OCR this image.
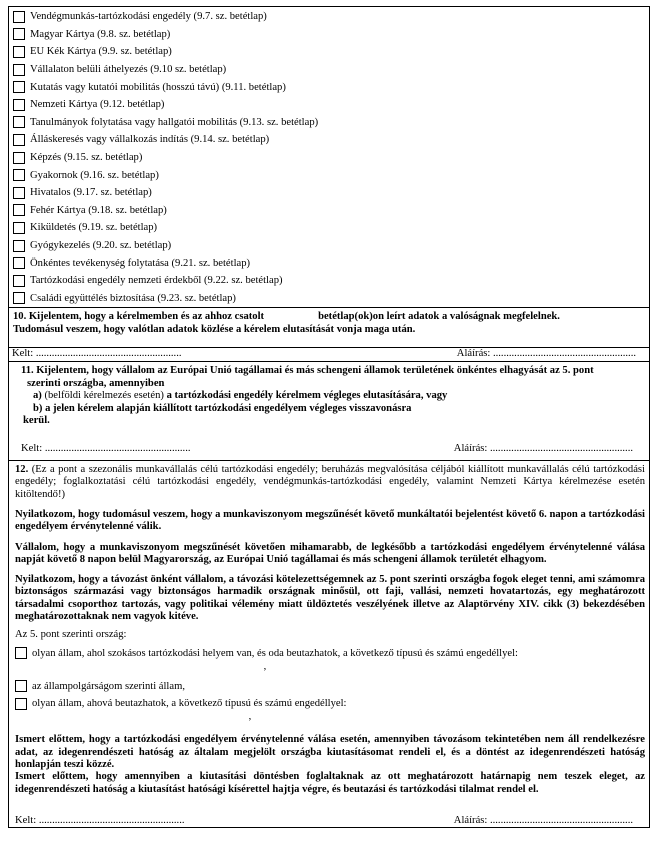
Vendégmunkás-tartózkodási engedély (9.7. sz. betétlap)
Magyar Kártya (9.8. sz. betétlap)
EU Kék Kártya (9.9. sz. betétlap)
Vállalaton belüli áthelyezés (9.10 sz. betétlap)
Kutatás vagy kutatói mobilitás (hosszú távú) (9.11. betétlap)
Nemzeti Kártya (9.12. betétlap)
Tanulmányok folytatása vagy hallgatói mobilitás (9.13. sz. betétlap)
Álláskeresés vagy vállalkozás indítás (9.14. sz. betétlap)
Képzés (9.15. sz. betétlap)
Gyakornok (9.16. sz. betétlap)
Hivatalos (9.17. sz. betétlap)
Fehér Kártya (9.18. sz. betétlap)
Kiküldetés (9.19. sz. betétlap)
Gyógykezelés (9.20. sz. betétlap)
Önkéntes tevékenység folytatása (9.21. sz. betétlap)
Tartózkodási engedély nemzeti érdekből (9.22. sz. betétlap)
Családi együttélés biztosítása (9.23. sz. betétlap)

10. Kijelentem, hogy a kérelmemben és az ahhoz csatolt	betétlap(ok)on leírt adatok a valóságnak megfelelnek.

Tudomásul veszem, hogy valótlan adatok közlése a kérelem elutasítását vonja maga után.

Kelt: .......................................................	Aláírás: ......................................................

11. Kijelentem, hogy vállalom az Európai Unió tagállamai és más schengeni államok területének önkéntes elhagyását az 5. pont

szerinti országba, amennyiben

a) (belföldi kérelmezés esetén) a tartózkodási engedély kérelmem végleges elutasítására, vagy

b) a jelen kérelem alapján kiállított tartózkodási engedélyem végleges visszavonásra

kerül.

Kelt: .......................................................	Aláírás: ......................................................

12. (Ez a pont a szezonális munkavállalás célú tartózkodási engedély; beruházás megvalósítása céljából kiállított munkavállalás célú tartózkodási engedély; foglalkoztatási célú tartózkodási engedély, vendégmunkás-tartózkodási engedély, valamint Nemzeti Kártya kérelmezése esetén kitöltendő!)

Nyilatkozom, hogy tudomásul veszem, hogy a munkaviszonyom megszűnését követő munkáltatói bejelentést követő 6. napon a tartózkodási engedélyem érvénytelenné válik.

Vállalom, hogy a munkaviszonyom megszűnését követően mihamarabb, de legkésőbb a tartózkodási engedélyem érvénytelenné válása napját követő 8 napon belül Magyarország, az Európai Unió tagállamai és más schengeni államok területét elhagyom.

Nyilatkozom, hogy a távozást önként vállalom, a távozási kötelezettségemnek az 5. pont szerinti országba fogok eleget tenni, ami számomra biztonságos származási vagy biztonságos harmadik országnak minősül, ott faji, vallási, nemzeti hovatartozás, egy meghatározott társadalmi csoporthoz tartozás, vagy politikai vélemény miatt üldöztetés veszélyének illetve az Alaptörvény XIV. cikk (3) bekezdésében meghatározottaknak nem vagyok kitéve.

Az 5. pont szerinti ország:

olyan állam, ahol szokásos tartózkodási helyem van, és oda beutazhatok, a következő típusú és számú engedéllyel:
,
az állampolgárságom szerinti állam,
olyan állam, ahová beutazhatok, a következő típusú és számú engedéllyel:
,

Ismert előttem, hogy a tartózkodási engedélyem érvénytelenné válása esetén, amennyiben távozásom tekintetében nem áll rendelkezésre adat, az idegenrendészeti hatóság az általam megjelölt országba kiutasításomat rendeli el, és a döntést az idegenrendészeti hatóság honlapján teszi közzé.

Ismert előttem, hogy amennyiben a kiutasítási döntésben foglaltaknak az ott meghatározott határnapig nem teszek eleget, az idegenrendészeti hatóság a kiutasítást hatósági kísérettel hajtja végre, és beutazási és tartózkodási tilalmat rendel el.

Kelt: .......................................................	Aláírás: ......................................................
